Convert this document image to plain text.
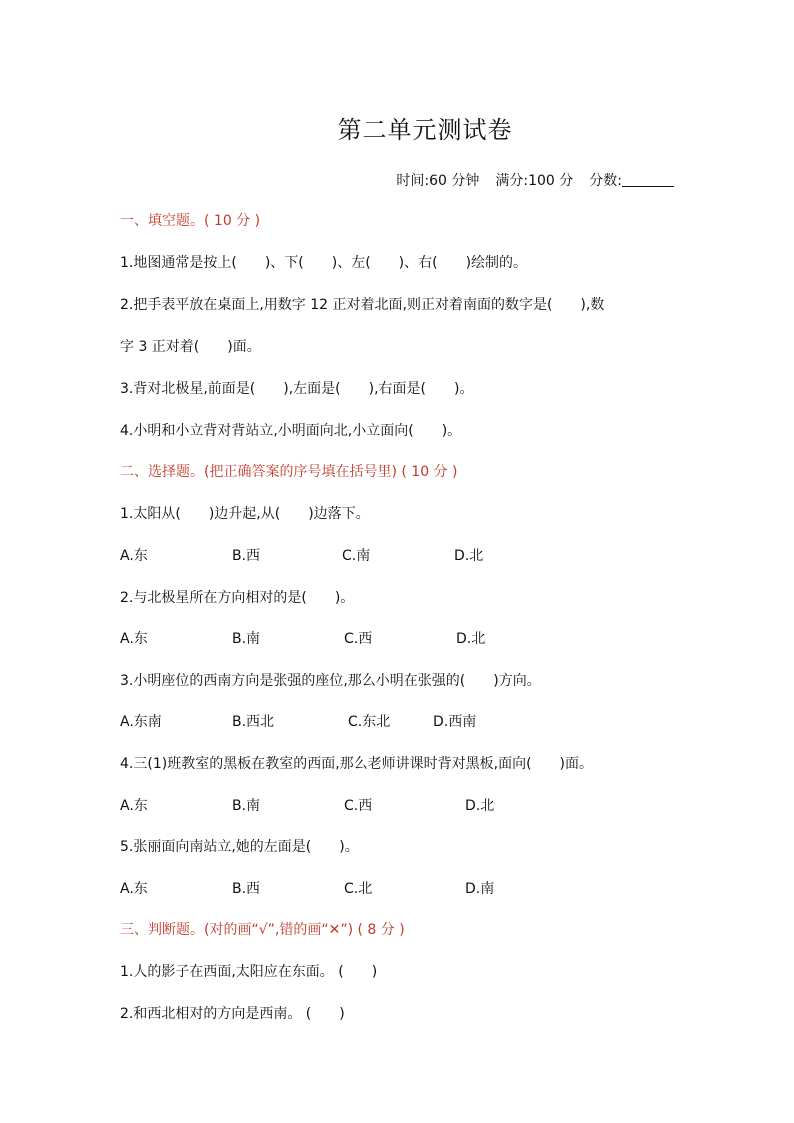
第二单元测试卷
时间:60 分钟 满分:100 分 分数:
一、填空题。( 10 分 )
1.地图通常是按上(　　)、下(　　)、左(　　)、右(　　)绘制的。
2.把手表平放在桌面上,用数字 12 正对着北面,则正对着南面的数字是(　　),数
字 3 正对着(　　)面。
3.背对北极星,前面是(　　),左面是(　　),右面是(　　)。
4.小明和小立背对背站立,小明面向北,小立面向(　　)。
二、选择题。(把正确答案的序号填在括号里) ( 10 分 )
1.太阳从(　　)边升起,从(　　)边落下。
A.东	B.西	C.南	D.北
2.与北极星所在方向相对的是(　　)。
A.东	B.南	C.西	D.北
3.小明座位的西南方向是张强的座位,那么小明在张强的(　　)方向。
A.东南	B.西北	C.东北	D.西南
4.三(1)班教室的黑板在教室的西面,那么老师讲课时背对黑板,面向(　　)面。
A.东	B.南	C.西	D.北
5.张丽面向南站立,她的左面是(　　)。
A.东	B.西	C.北	D.南
三、判断题。(对的画“√”,错的画“✕”) ( 8 分 )
1.人的影子在西面,太阳应在东面。 (　　)
2.和西北相对的方向是西南。 (　　)
